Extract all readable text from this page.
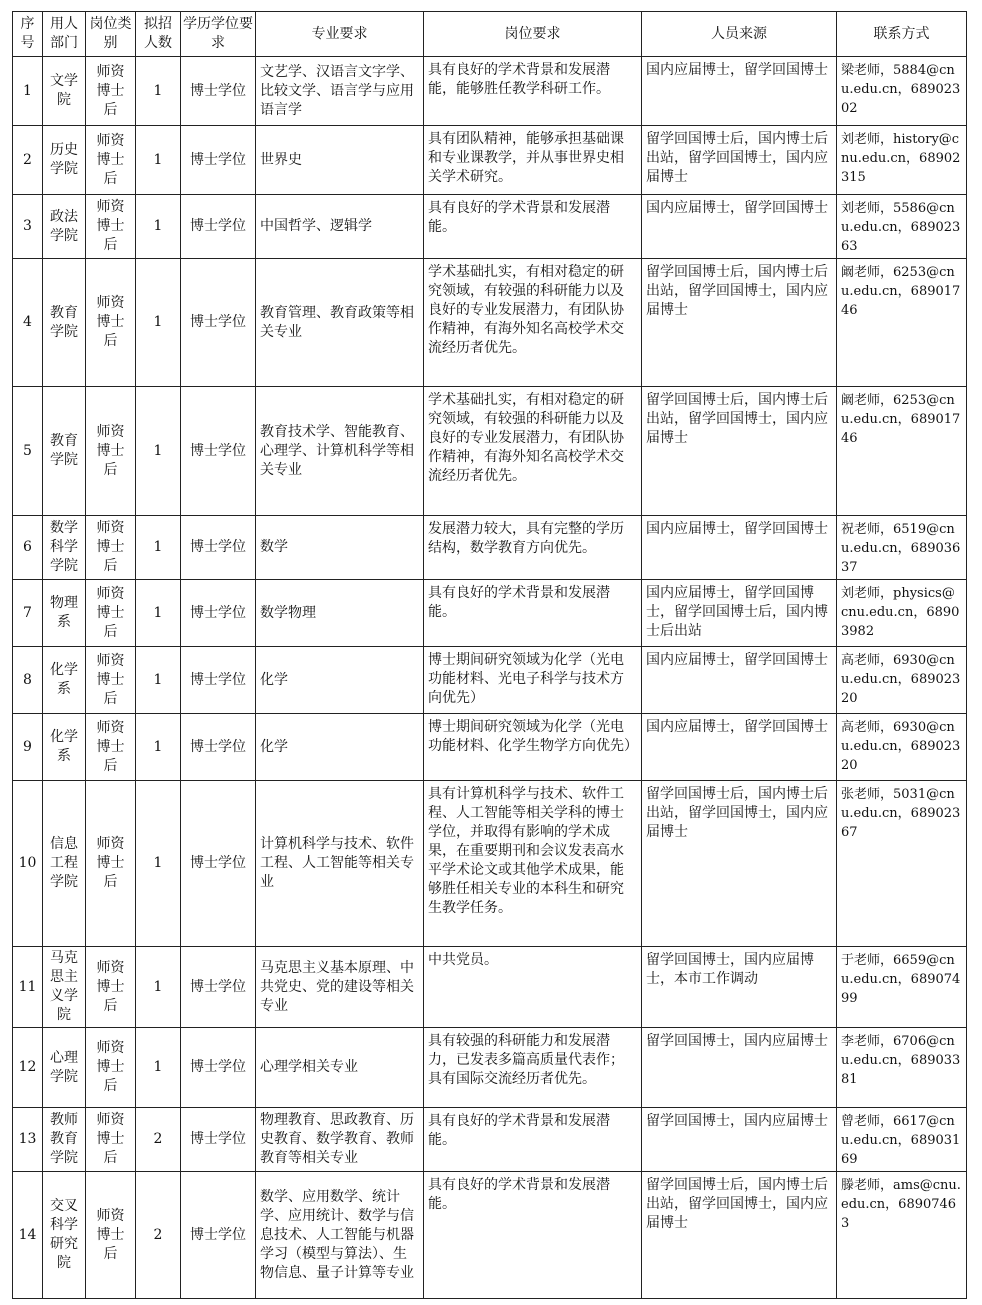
序号	用人部门	岗位类别	拟招人数	学历学位要求	专业要求	岗位要求	人员来源	联系方式
1	文学院	师资博士后	1	博士学位	文艺学、汉语言文字学、 比较文学、语言学与应用语言学	具有良好的学术背景和发展潜能，能够胜任教学科研工作。	国内应届博士，留学回国博士	梁老师，5884@cnu.edu.cn，68902302
2	历史学院	师资博士后	1	博士学位	世界史	具有团队精神，能够承担基础课和专业课教学，并从事世界史相关学术研究。	留学回国博士后，国内博士后出站，留学回国博士，国内应届博士	刘老师，history@cnu.edu.cn，68902315
3	政法学院	师资博士后	1	博士学位	中国哲学、逻辑学	具有良好的学术背景和发展潜能。	国内应届博士，留学回国博士	刘老师，5586@cnu.edu.cn，68902363
4	教育学院	师资博士后	1	博士学位	教育管理、教育政策等相关专业	学术基础扎实，有相对稳定的研究领域，有较强的科研能力以及良好的专业发展潜力，有团队协作精神，有海外知名高校学术交流经历者优先。	留学回国博士后，国内博士后出站，留学回国博士，国内应届博士	阚老师，6253@cnu.edu.cn，68901746
5	教育学院	师资博士后	1	博士学位	教育技术学、智能教育、心理学、计算机科学等相关专业	学术基础扎实，有相对稳定的研究领域，有较强的科研能力以及良好的专业发展潜力，有团队协作精神，有海外知名高校学术交流经历者优先。	留学回国博士后，国内博士后出站，留学回国博士，国内应届博士	阚老师，6253@cnu.edu.cn，68901746
6	数学科学学院	师资博士后	1	博士学位	数学	发展潜力较大，具有完整的学历结构，数学教育方向优先。	国内应届博士，留学回国博士	祝老师，6519@cnu.edu.cn，68903637
7	物理系	师资博士后	1	博士学位	数学物理	具有良好的学术背景和发展潜能。	国内应届博士，留学回国博士，留学回国博士后，国内博士后出站	刘老师，physics@cnu.edu.cn，68903982
8	化学系	师资博士后	1	博士学位	化学	博士期间研究领域为化学（光电功能材料、光电子科学与技术方向优先）	国内应届博士，留学回国博士	高老师，6930@cnu.edu.cn，68902320
9	化学系	师资博士后	1	博士学位	化学	博士期间研究领域为化学（光电功能材料、化学生物学方向优先）	国内应届博士，留学回国博士	高老师，6930@cnu.edu.cn，68902320
10	信息工程学院	师资博士后	1	博士学位	计算机科学与技术、软件工程、人工智能等相关专业	具有计算机科学与技术、软件工程、人工智能等相关学科的博士学位，并取得有影响的学术成果，在重要期刊和会议发表高水平学术论文或其他学术成果，能够胜任相关专业的本科生和研究生教学任务。	留学回国博士后，国内博士后出站，留学回国博士，国内应届博士	张老师，5031@cnu.edu.cn，68902367
11	马克思主义学院	师资博士后	1	博士学位	马克思主义基本原理、中共党史、党的建设等相关专业	中共党员。	留学回国博士，国内应届博士，本市工作调动	于老师，6659@cnu.edu.cn，68907499
12	心理学院	师资博士后	1	博士学位	心理学相关专业	具有较强的科研能力和发展潜力，已发表多篇高质量代表作；具有国际交流经历者优先。	留学回国博士，国内应届博士	李老师，6706@cnu.edu.cn，68903381
13	教师教育学院	师资博士后	2	博士学位	物理教育、思政教育、历史教育、数学教育、教师教育等相关专业	具有良好的学术背景和发展潜能。	留学回国博士，国内应届博士	曾老师，6617@cnu.edu.cn，68903169
14	交叉科学研究院	师资博士后	2	博士学位	数学、应用数学、统计学、应用统计、数学与信息技术、人工智能与机器学习（模型与算法）、生物信息、量子计算等专业	具有良好的学术背景和发展潜能。	留学回国博士后，国内博士后出站，留学回国博士，国内应届博士	滕老师，ams@cnu.edu.cn，68907463
